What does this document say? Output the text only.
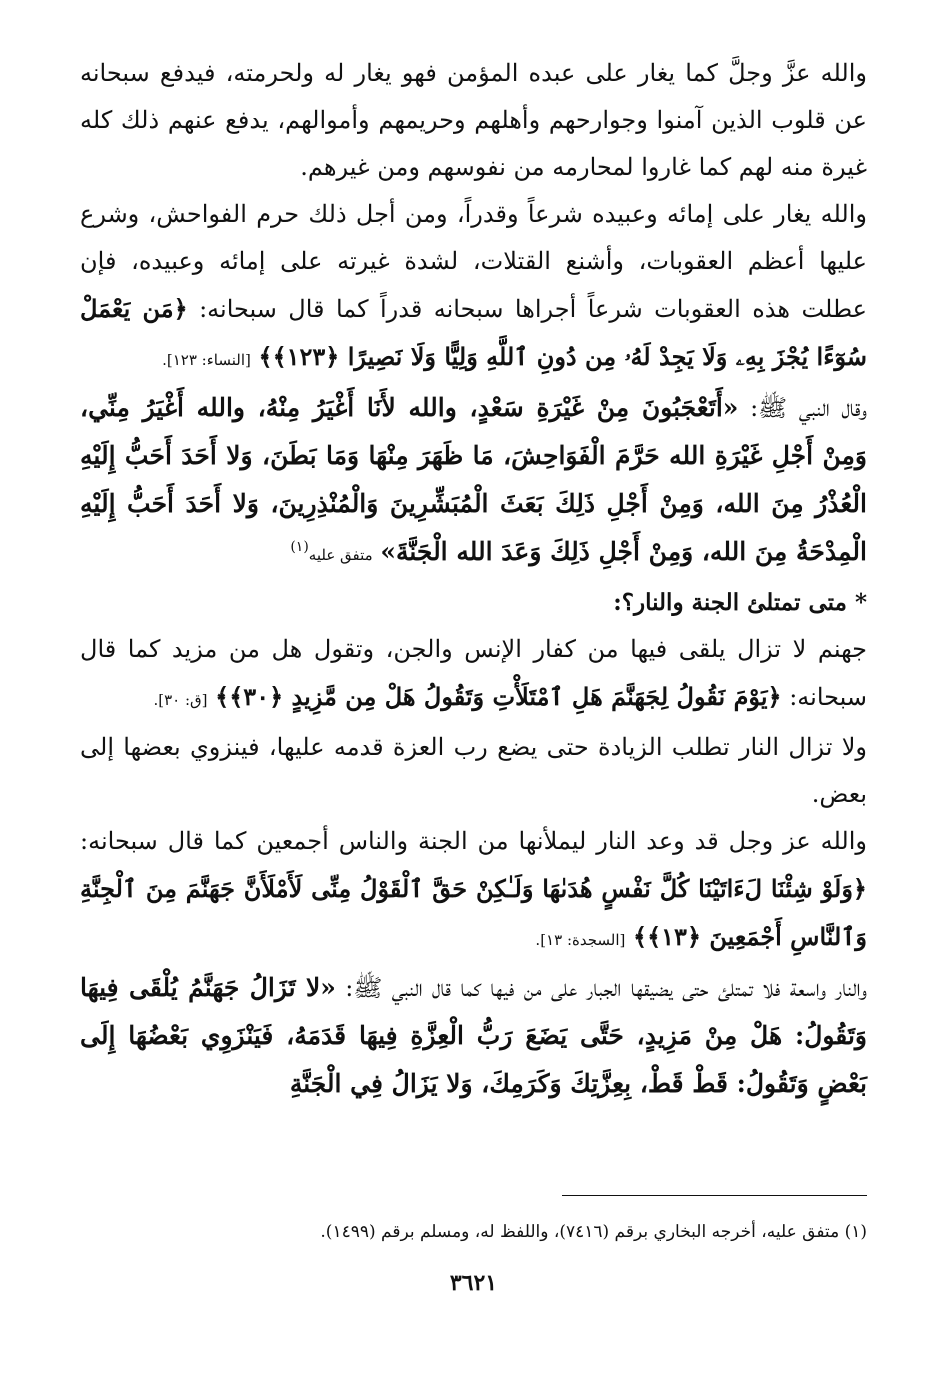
والله عزَّ وجلَّ كما يغار على عبده المؤمن فهو يغار له ولحرمته، فيدفع سبحانه عن قلوب الذين آمنوا وجوارحهم وأهلهم وحريمهم وأموالهم، يدفع عنهم ذلك كله غيرة منه لهم كما غاروا لمحارمه من نفوسهم ومن غيرهم.

والله يغار على إمائه وعبيده شرعاً وقدراً، ومن أجل ذلك حرم الفواحش، وشرع عليها أعظم العقوبات، وأشنع القتلات، لشدة غيرته على إمائه وعبيده، فإن عطلت هذه العقوبات شرعاً أجراها سبحانه قدراً كما قال سبحانه: ﴿مَن يَعْمَلْ سُوٓءًا يُجْزَ بِهِۦ وَلَا يَجِدْ لَهُۥ مِن دُونِ ٱللَّهِ وَلِيًّا وَلَا نَصِيرًا ﴿١٢٣﴾﴾ [النساء: ١٢٣].

وقال النبي ﷺ: «أَتَعْجَبُونَ مِنْ غَيْرَةِ سَعْدٍ، والله لأَنَا أَغْيَرُ مِنْهُ، والله أَغْيَرُ مِنِّي، وَمِنْ أَجْلِ غَيْرَةِ الله حَرَّمَ الْفَوَاحِشَ، مَا ظَهَرَ مِنْهَا وَمَا بَطَنَ، وَلا أَحَدَ أَحَبُّ إِلَيْهِ الْعُذْرُ مِنَ الله، وَمِنْ أَجْلِ ذَلِكَ بَعَثَ الْمُبَشِّرِينَ وَالْمُنْذِرِينَ، وَلا أَحَدَ أَحَبُّ إِلَيْهِ الْمِدْحَةُ مِنَ الله، وَمِنْ أَجْلِ ذَلِكَ وَعَدَ الله الْجَنَّةَ» متفق عليه$^{(١)}$

* متى تمتلئ الجنة والنار؟:

جهنم لا تزال يلقى فيها من كفار الإنس والجن، وتقول هل من مزيد كما قال سبحانه: ﴿يَوْمَ نَقُولُ لِجَهَنَّمَ هَلِ ٱمْتَلَأْتِ وَتَقُولُ هَلْ مِن مَّزِيدٍ ﴿٣٠﴾﴾ [ق: ٣٠].

ولا تزال النار تطلب الزيادة حتى يضع رب العزة قدمه عليها، فينزوي بعضها إلى بعض.

والله عز وجل قد وعد النار ليملأنها من الجنة والناس أجمعين كما قال سبحانه: ﴿وَلَوْ شِئْنَا لَءَاتَيْنَا كُلَّ نَفْسٍ هُدَىٰهَا وَلَـٰكِنْ حَقَّ ٱلْقَوْلُ مِنِّى لَأَمْلَأَنَّ جَهَنَّمَ مِنَ ٱلْجِنَّةِ وَٱلنَّاسِ أَجْمَعِينَ ﴿١٣﴾﴾ [السجدة: ١٣].

والنار واسعة فلا تمتلئ حتى يضيقها الجبار على من فيها كما قال النبي ﷺ: «لا تَزَالُ جَهَنَّمُ يُلْقَى فِيهَا وَتَقُولُ: هَلْ مِنْ مَزِيدٍ، حَتَّى يَضَعَ رَبُّ الْعِزَّةِ فِيهَا قَدَمَهُ، فَيَنْزَوِي بَعْضُهَا إِلَى بَعْضٍ وَتَقُولُ: قَطْ قَطْ، بِعِزَّتِكَ وَكَرَمِكَ، وَلا يَزَالُ فِي الْجَنَّةِ

(١) متفق عليه، أخرجه البخاري برقم (٧٤١٦)، واللفظ له، ومسلم برقم (١٤٩٩).
٣٦٢١
